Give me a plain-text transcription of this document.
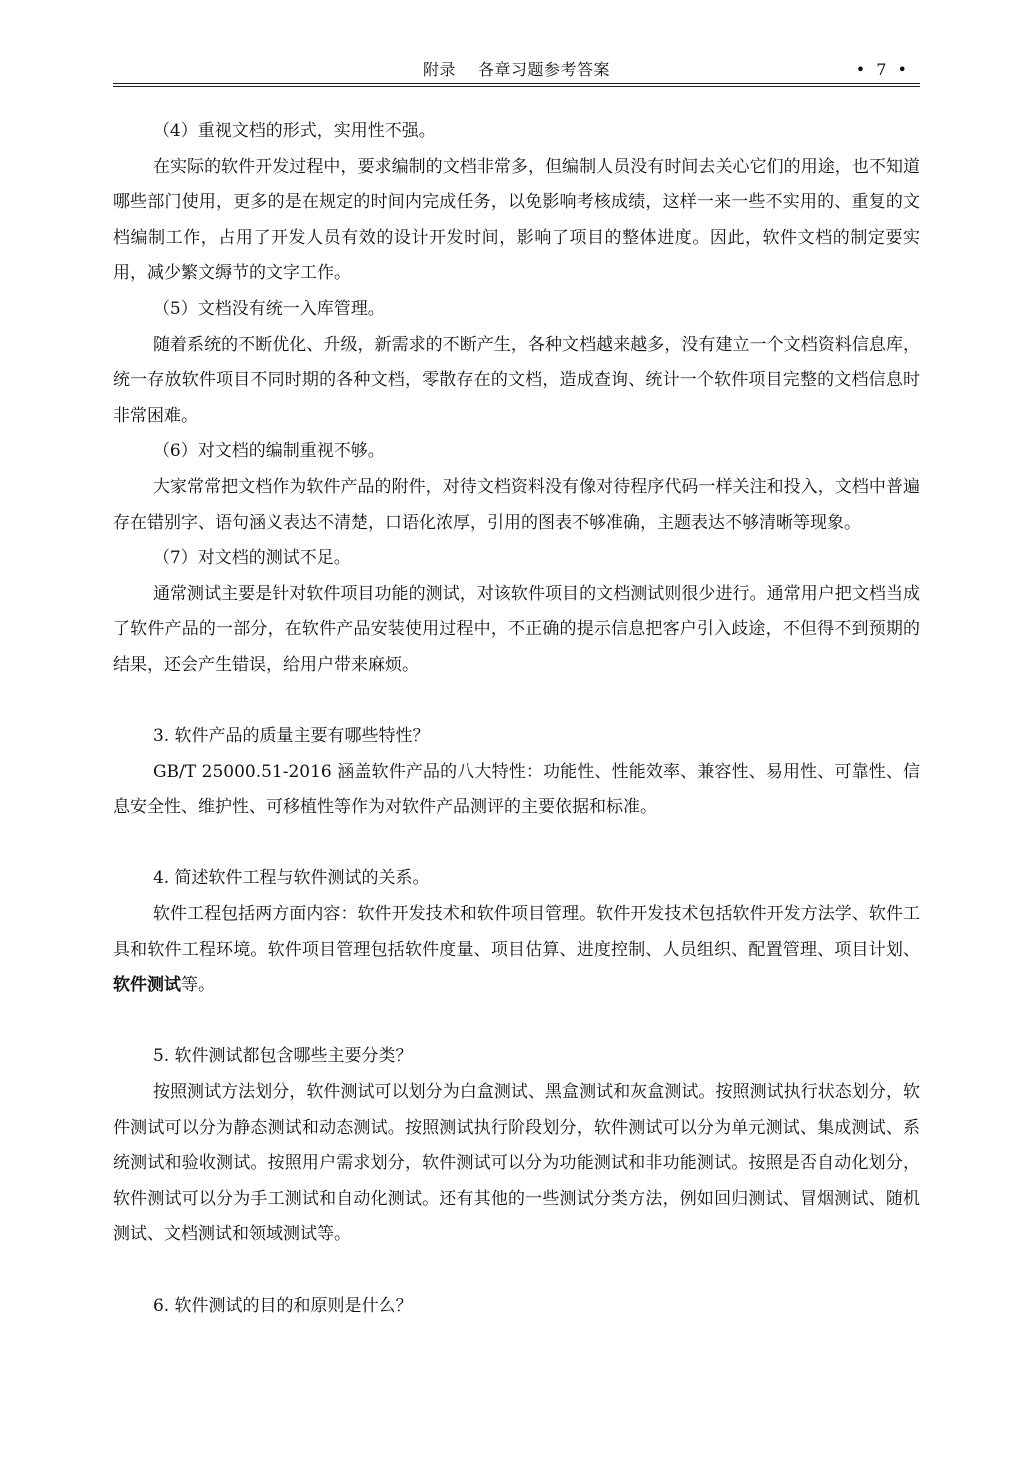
附录 各章习题参考答案	• 7 •

（4）重视文档的形式，实用性不强。

在实际的软件开发过程中，要求编制的文档非常多，但编制人员没有时间去关心它们的用途，也不知道哪些部门使用，更多的是在规定的时间内完成任务，以免影响考核成绩，这样一来一些不实用的、重复的文档编制工作，占用了开发人员有效的设计开发时间，影响了项目的整体进度。因此，软件文档的制定要实用，减少繁文缛节的文字工作。

（5）文档没有统一入库管理。

随着系统的不断优化、升级，新需求的不断产生，各种文档越来越多，没有建立一个文档资料信息库，统一存放软件项目不同时期的各种文档，零散存在的文档，造成查询、统计一个软件项目完整的文档信息时非常困难。

（6）对文档的编制重视不够。

大家常常把文档作为软件产品的附件，对待文档资料没有像对待程序代码一样关注和投入，文档中普遍存在错别字、语句涵义表达不清楚，口语化浓厚，引用的图表不够准确，主题表达不够清晰等现象。

（7）对文档的测试不足。

通常测试主要是针对软件项目功能的测试，对该软件项目的文档测试则很少进行。通常用户把文档当成了软件产品的一部分，在软件产品安装使用过程中，不正确的提示信息把客户引入歧途，不但得不到预期的结果，还会产生错误，给用户带来麻烦。

3. 软件产品的质量主要有哪些特性？

GB/T 25000.51-2016 涵盖软件产品的八大特性：功能性、性能效率、兼容性、易用性、可靠性、信息安全性、维护性、可移植性等作为对软件产品测评的主要依据和标准。

4. 简述软件工程与软件测试的关系。

软件工程包括两方面内容：软件开发技术和软件项目管理。软件开发技术包括软件开发方法学、软件工具和软件工程环境。软件项目管理包括软件度量、项目估算、进度控制、人员组织、配置管理、项目计划、软件测试等。

5. 软件测试都包含哪些主要分类？

按照测试方法划分，软件测试可以划分为白盒测试、黑盒测试和灰盒测试。按照测试执行状态划分，软件测试可以分为静态测试和动态测试。按照测试执行阶段划分，软件测试可以分为单元测试、集成测试、系统测试和验收测试。按照用户需求划分，软件测试可以分为功能测试和非功能测试。按照是否自动化划分，软件测试可以分为手工测试和自动化测试。还有其他的一些测试分类方法，例如回归测试、冒烟测试、随机测试、文档测试和领域测试等。

6. 软件测试的目的和原则是什么？
